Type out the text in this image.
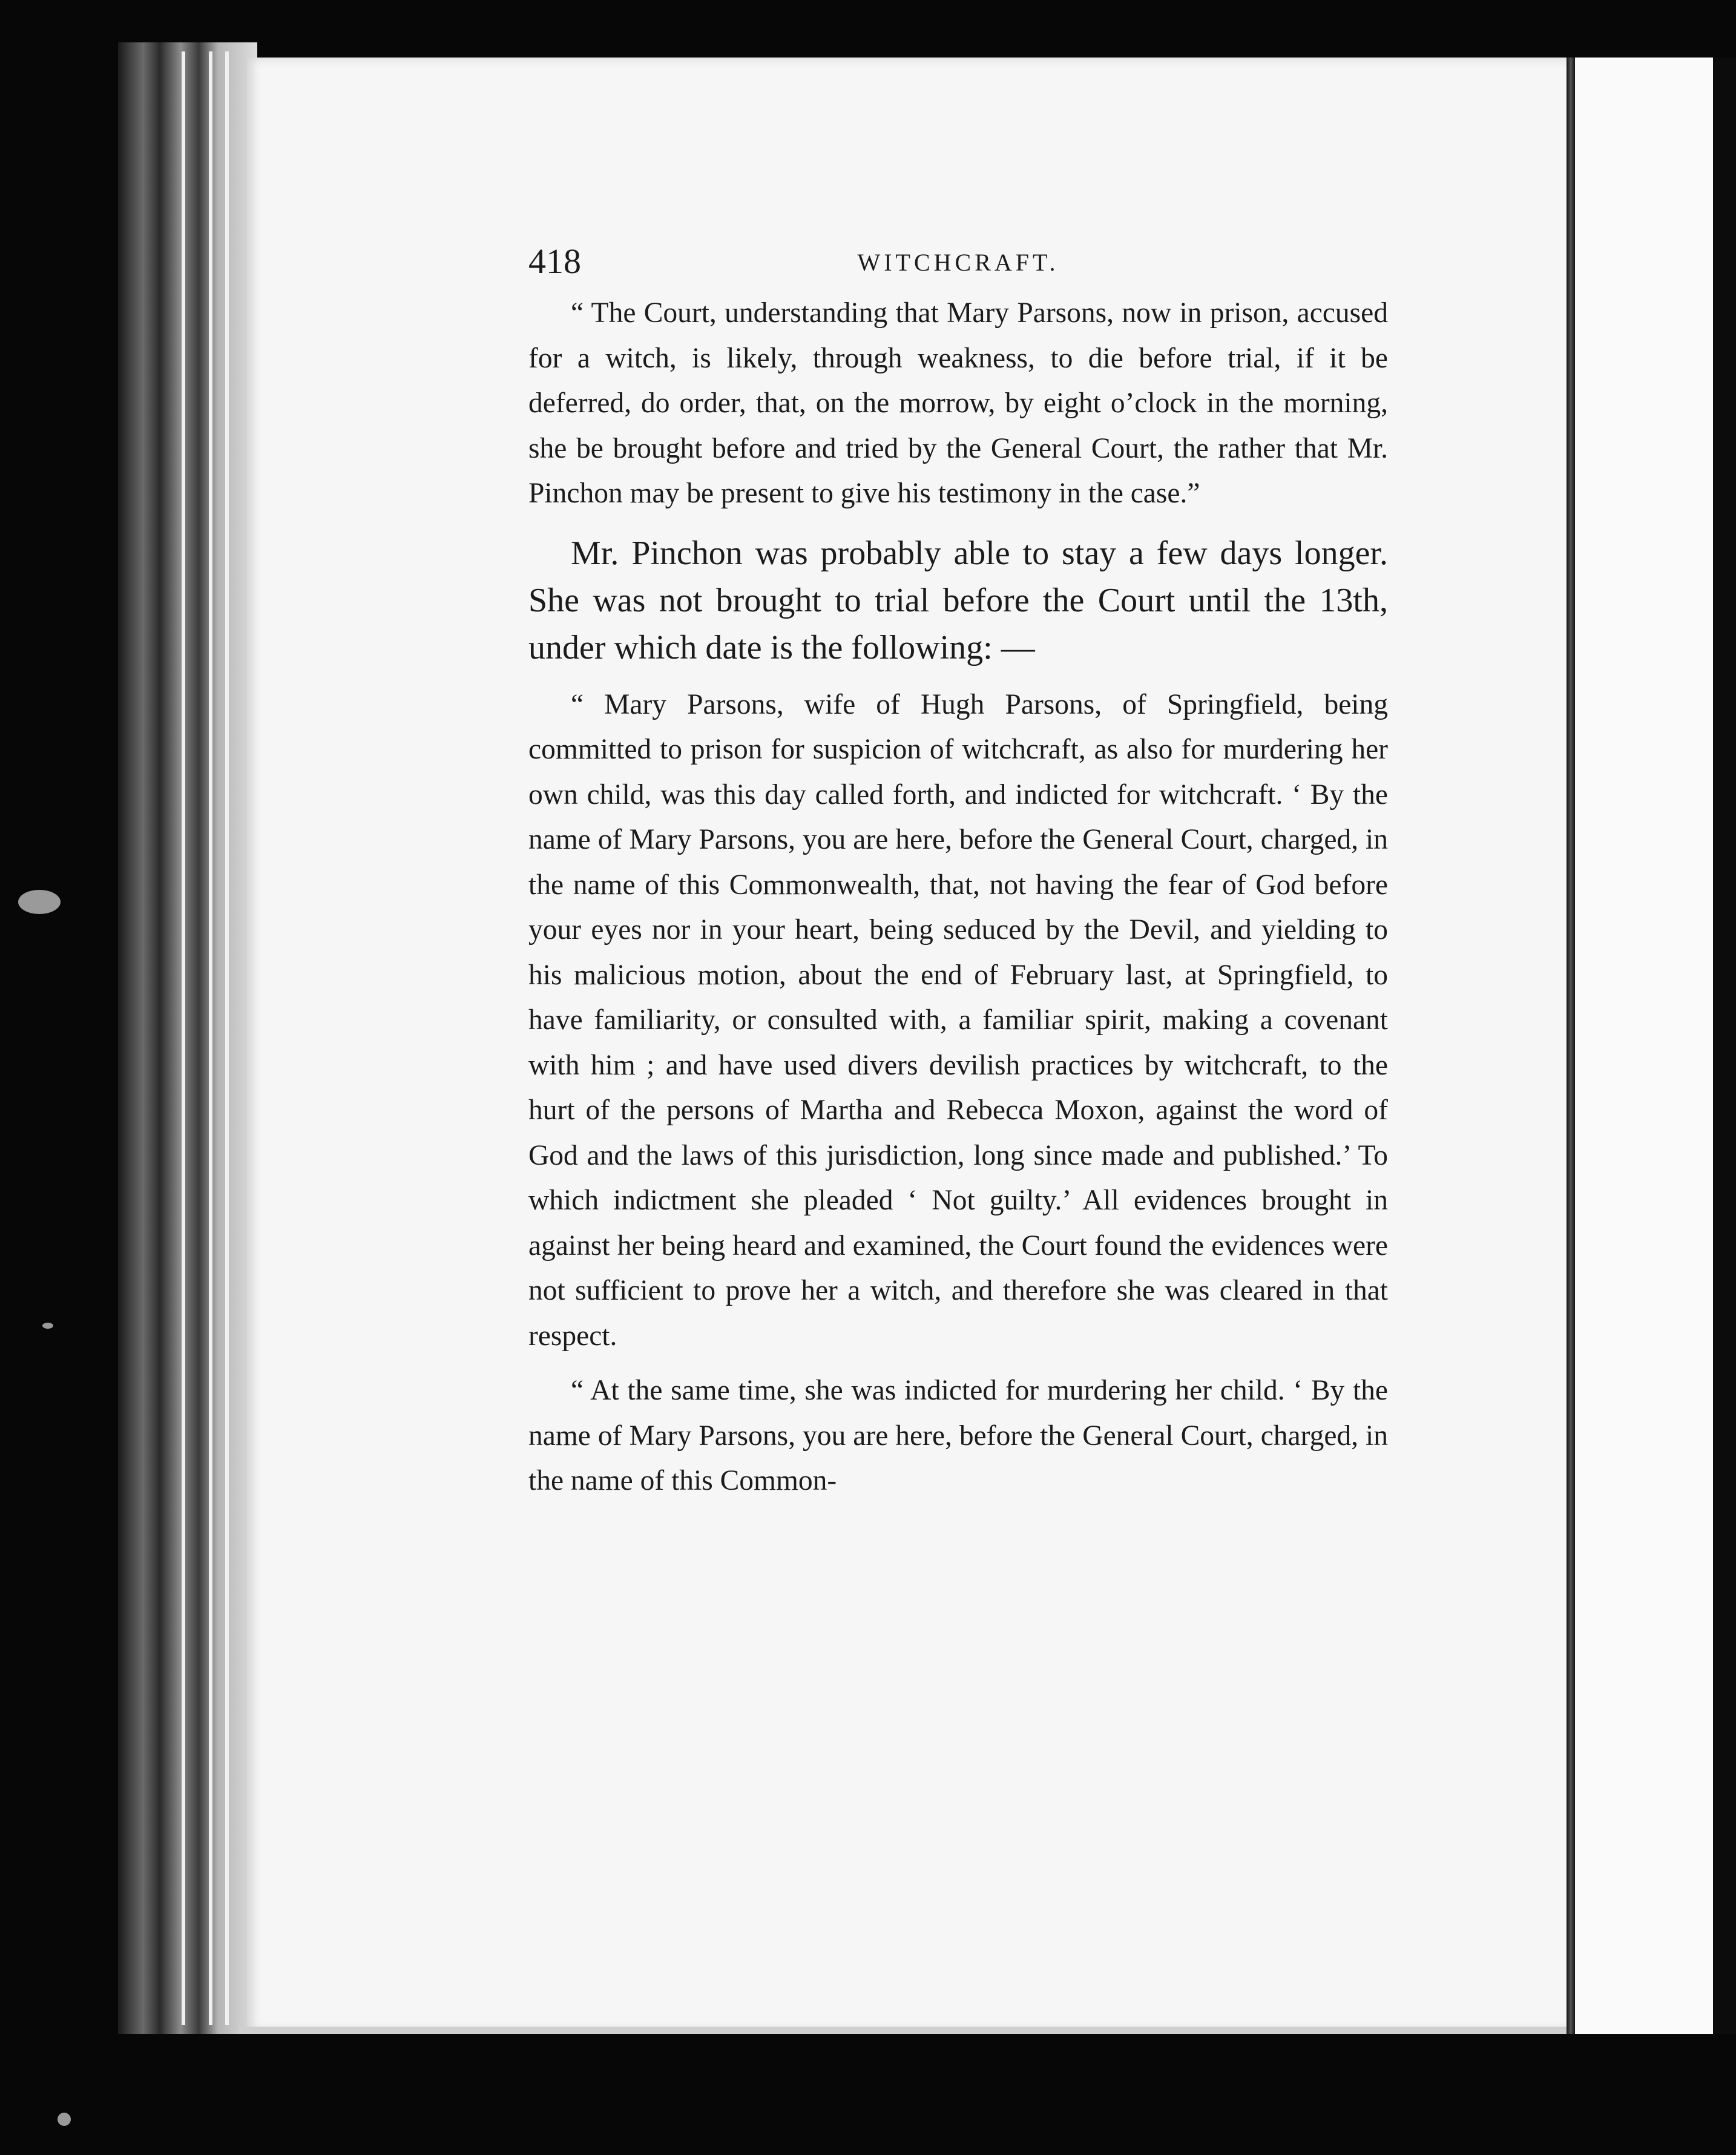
418	WITCHCRAFT.

“ The Court, understanding that Mary Parsons, now in prison, accused for a witch, is likely, through weakness, to die before trial, if it be deferred, do order, that, on the morrow, by eight o’clock in the morning, she be brought before and tried by the General Court, the rather that Mr. Pinchon may be present to give his testimony in the case.”

Mr. Pinchon was probably able to stay a few days longer. She was not brought to trial before the Court until the 13th, under which date is the following: —

“ Mary Parsons, wife of Hugh Parsons, of Springfield, being committed to prison for suspicion of witchcraft, as also for murdering her own child, was this day called forth, and indicted for witchcraft. ‘ By the name of Mary Parsons, you are here, before the General Court, charged, in the name of this Commonwealth, that, not having the fear of God before your eyes nor in your heart, being seduced by the Devil, and yielding to his malicious motion, about the end of February last, at Springfield, to have familiarity, or consulted with, a familiar spirit, making a covenant with him ; and have used divers devilish practices by witchcraft, to the hurt of the persons of Martha and Rebecca Moxon, against the word of God and the laws of this jurisdiction, long since made and published.’ To which indictment she pleaded ‘ Not guilty.’ All evidences brought in against her being heard and examined, the Court found the evidences were not sufficient to prove her a witch, and therefore she was cleared in that respect.

“ At the same time, she was indicted for murdering her child. ‘ By the name of Mary Parsons, you are here, before the General Court, charged, in the name of this Common-
